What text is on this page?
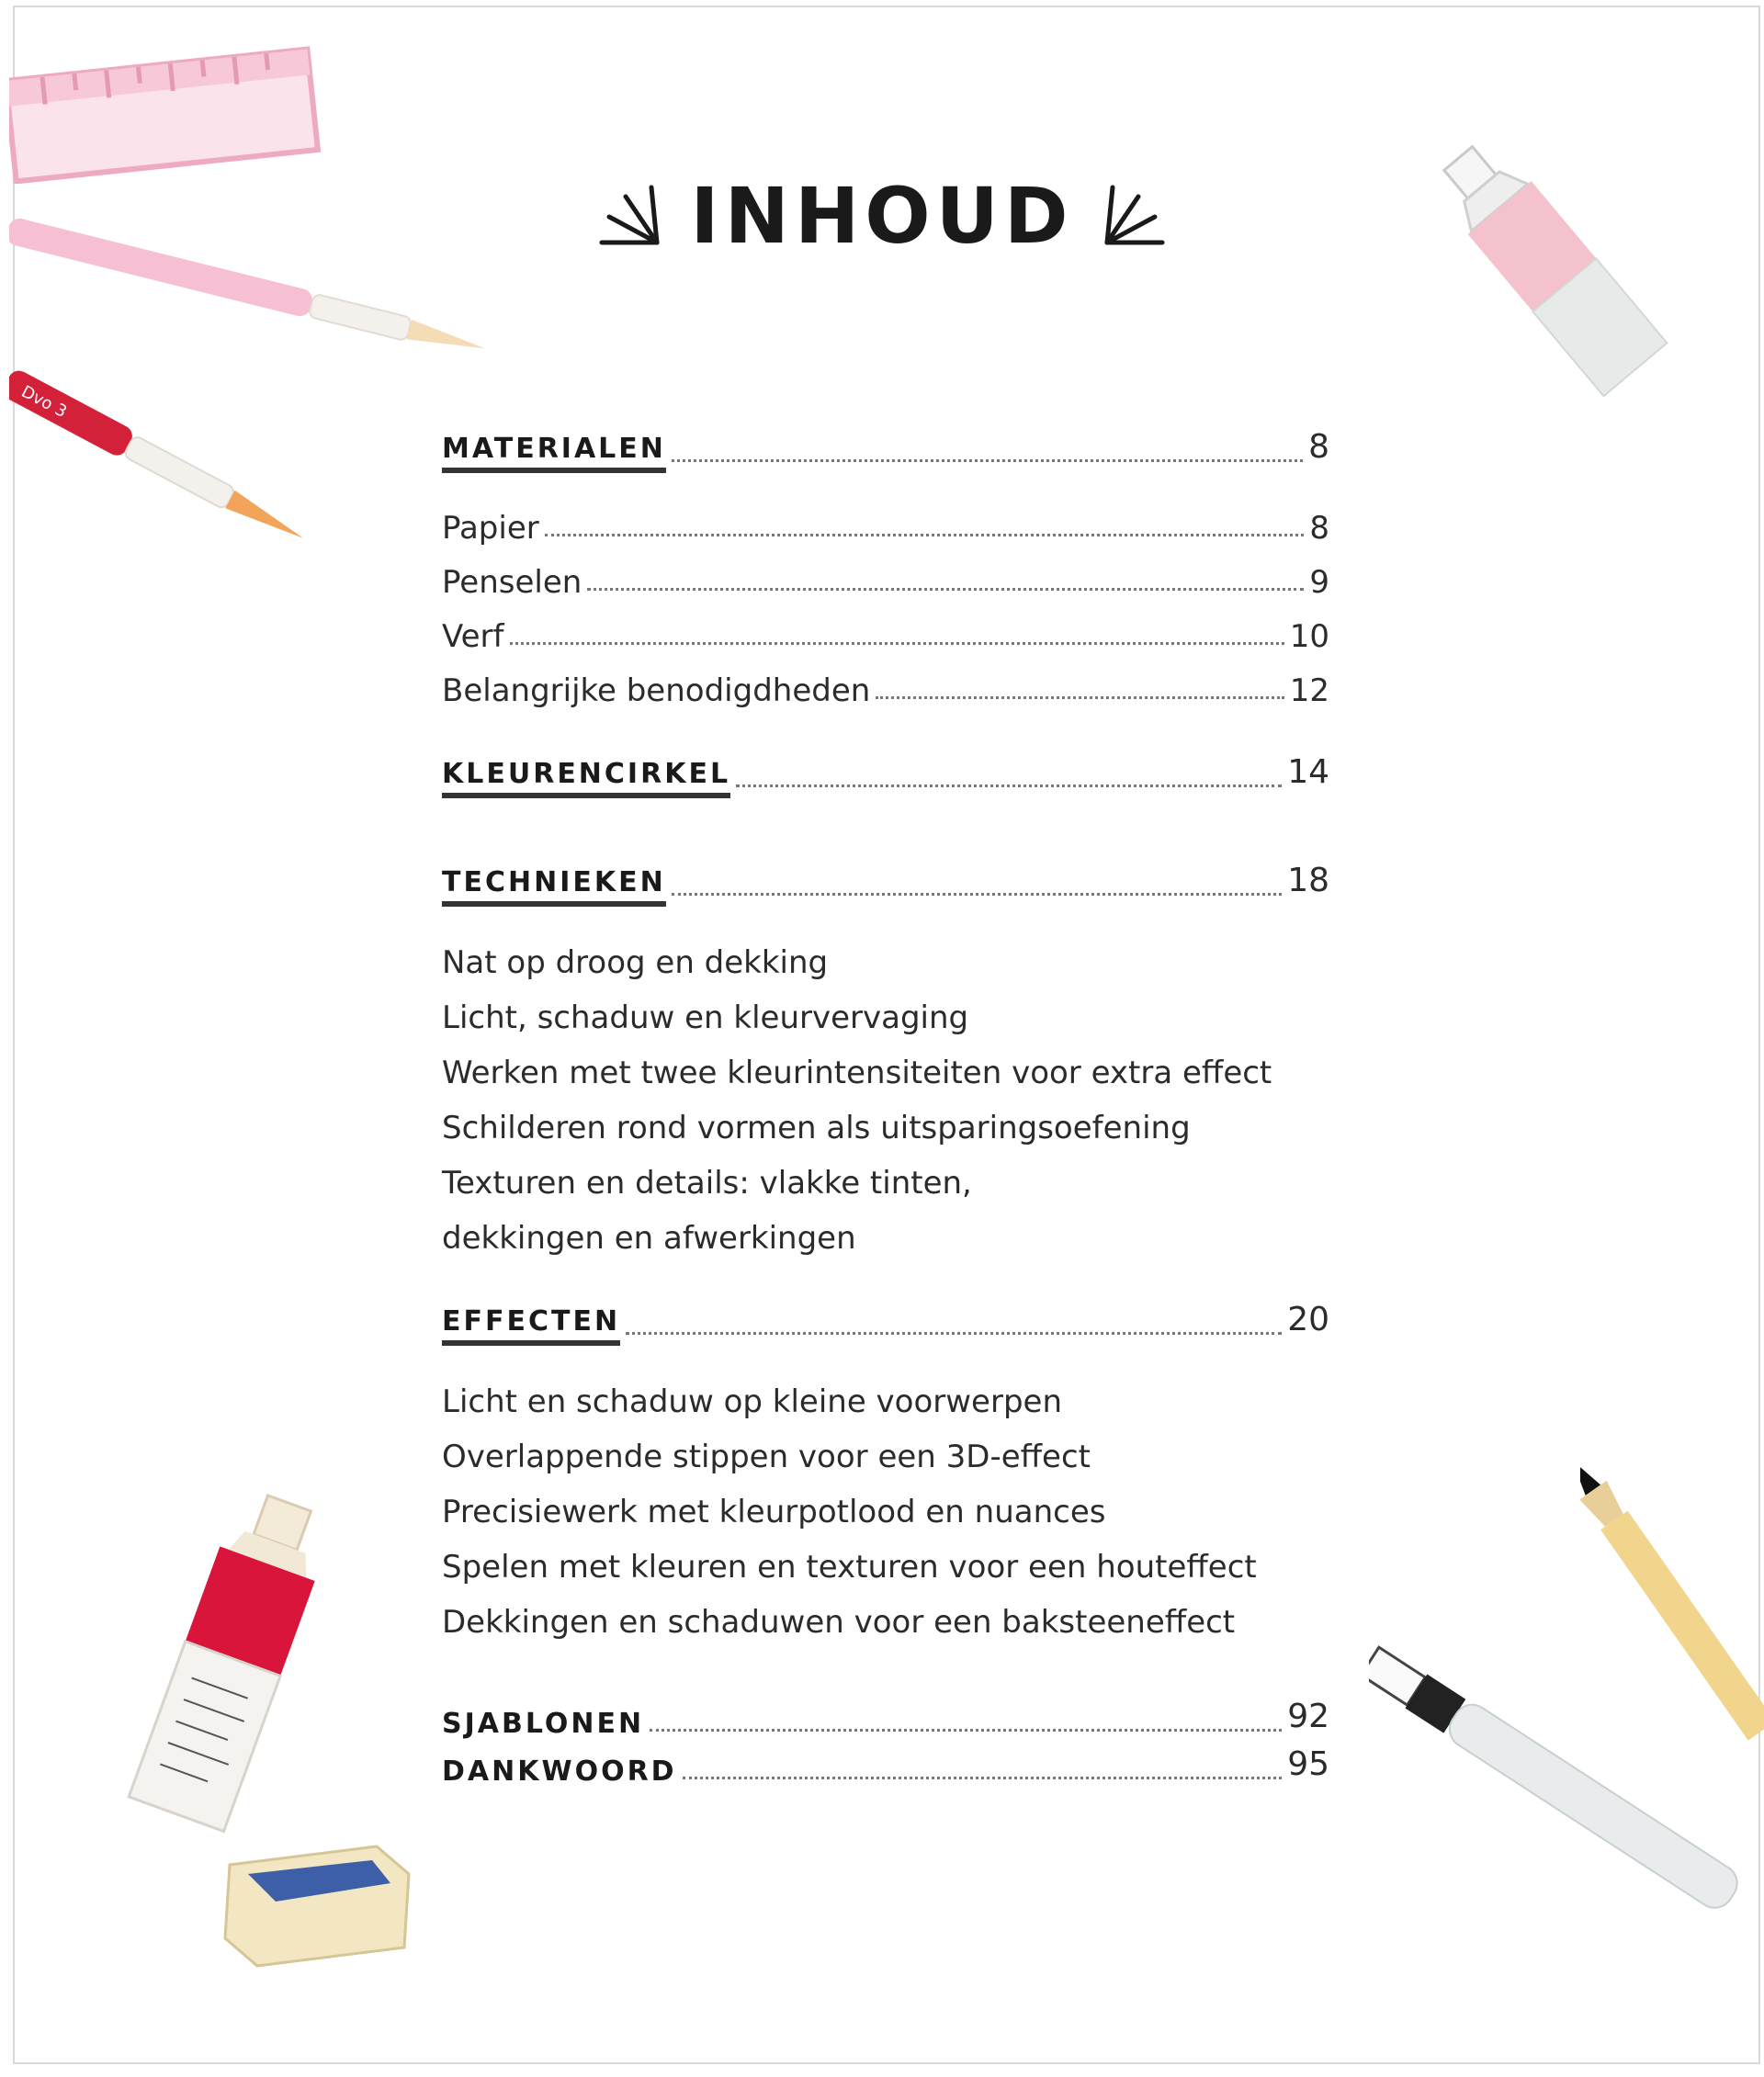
Dvo 3
INHOUD
MATERIALEN	8
Papier	8
Penselen	9
Verf	10
Belangrijke benodigdheden	12
KLEURENCIRKEL	14
TECHNIEKEN	18
Nat op droog en dekking
Licht, schaduw en kleurvervaging
Werken met twee kleurintensiteiten voor extra effect
Schilderen rond vormen als uitsparingsoefening
Texturen en details: vlakke tinten,
dekkingen en afwerkingen
EFFECTEN	20
Licht en schaduw op kleine voorwerpen
Overlappende stippen voor een 3D-effect
Precisiewerk met kleurpotlood en nuances
Spelen met kleuren en texturen voor een houteffect
Dekkingen en schaduwen voor een baksteeneffect
SJABLONEN	92
DANKWOORD	95
